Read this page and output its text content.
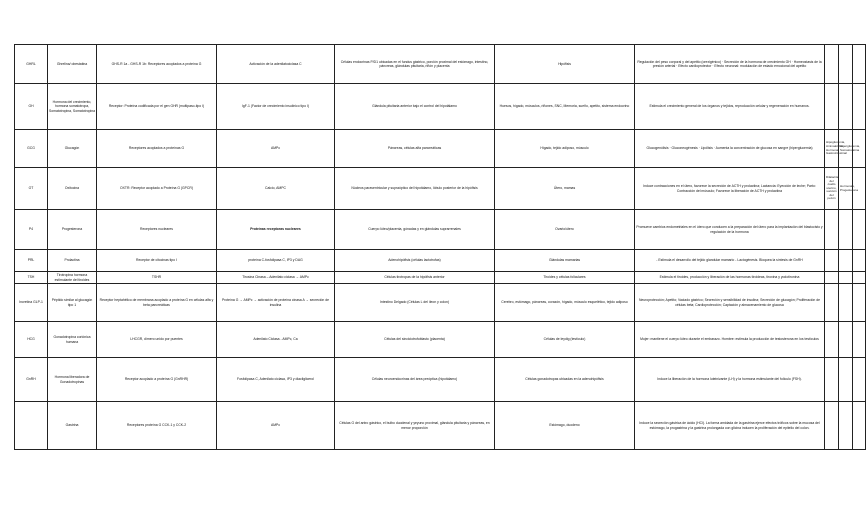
GHRL	Ghrelina/ obestatina	GHS-R 1a - GHS-R 1b: Receptores acoplados a proteína G	Activación de la adenilatociclasa C	Células endocrinas P/D1 ubicadas en el fundus gástrico, porción proximal del estómago, intestino, páncreas, glándulas pituitaria, riñón y placenta	Hipófisis	Regulación del peso corporal y del apetito (orexigénico) · Secreción de la hormona de crecimiento GH · Homeostasis de la presión arterial · Efecto cardioprotector · Efecto neuronal: modulación de estado emocional del apetito			
GH	Hormona del crecimiento, hormona somatotropa, Somatotropina, Somatotropina	Receptor: Proteína codificada por el gen GHR (multipaso-tipo I)	IgF-1 (Factor de crecimiento insulínico tipo I)	Glándula pituitaria anterior bajo el control del hipotálamo	Huesos, hígado, músculos, riñones, SNC, Memoria, sueño, apetito, sistema endocrino	Estimula el crecimiento general de los órganos y tejidos, reproducción celular y regeneración en humanos.			
GCG	Glucagón	Receptores acoplados a proteínas G	AMPc	Páncreas, células alfa pancreáticas	Hígado, tejido adiposo, músculo	Glucogenólisis · Gluconeogénesis · Lipólisis · Aumenta la concentración de glucosa en sangre (hiperglucemia)	Hipoglucemia, Aminoácidos, Hormona Gastrointestinal	Hiperglucemia, Somatostatina	
OT	Oxitocina	OXTR: Receptor acoplado a Proteína G (GPCR)	Calcio, AMPC	Núcleos paraventricular y supraóptico del hipotálamo, lóbulo posterior de la hipófisis	Útero, mamas	Induce contracciones en el útero, favorece la secreción de ACTH y prolactina; Lactancia: Eyección de leche; Parto: Contracción del músculo; Favorece la liberación de ACTH y prolactina	Dilatación del cuello uterino, succión del pezón	Hormonas, Progesterona	
P4	Progesterona	Receptores nucleares	Proteínas receptoras nucleares	Cuerpo lúteo/placenta, gónadas y en glándulas suprarrenales	Ovario/útero	Promueve cambios endometriales en el útero que conducen a la preparación del útero para la implantación del blastocisto y regulación de la hormona			
PRL	Prolactina	Receptor de citocinas tipo I	proteína C-fosfolipasa C, IP3 y DAG	Adenohipófisis (células lactotrofas)	Glándulas mamarias	- Estimula el desarrollo del tejido glandular mamario - Lactogénesis. Bloquea la síntesis de GnRH			
TSH	Tirotropina hormona estimulante del tiroides	TSHR	Tirosina Cinasa – Adenilato ciclasa → AMPc	Células tirotropas de la hipófisis anterior	Tiroides y células foliculares	Estimula el tiroides, producción y liberación de las hormonas tiroideas, tiroxina y yodotironina			
Incretina GLP-1	Péptido similar al glucagón tipo 1	Receptor heptahélico de membrana acoplado a proteína G en células alfa y beta pancreáticas	Proteína G → AMPc → activación de proteína cinasa A → secreción de insulina	Intestino Delgado (Células L del íleon y colon)	Cerebro, estómago, páncreas, corazón, hígado, músculo esquelético, tejido adiposo	Neuroprotección; Apetito; Vaciado gástrico; Secreción y sensibilidad de insulina; Secreción de glucagón; Proliferación de células beta; Cardioprotección; Captación y almacenamiento de glucosa			
HCG	Gonadotropina coriónica humana	LHCGR, dímero unido por puentes	Adenilato Ciclasa - AMPc, Ca	Células del sinciciotrofoblasto (placenta)	Células de leydig (testículo)	Mujer: mantiene el cuerpo lúteo durante el embarazo. Hombre: estimula la producción de testosterona en los testículos			
GnRH	Hormona liberadora de Gonadotropinas	Receptor acoplado a proteína G (GnRHR)	Fosfolipasa C, Adenilato ciclasa, IP3 y diacilglicerol	Células neuroendocrinas del área preóptica (hipotálamo)	Células gonadotropas ubicadas en la adenohipófisis	Induce la liberación de la hormona luteinizante (LH) y la hormona estimulante del folículo (FSH).			
	Gastrina	Receptores proteína G CCK-1 y CCK-2	AMPc	Células G del antro gástrico, el bulbo duodenal y yeyuno proximal, glándula pituitaria y páncreas, en menor proporción	Estómago, duodeno	Induce la secreción gástrica de ácido (HCl). La forma amidada de la gastrina ejerce efectos tróficos sobre la mucosa del estómago, la progastrina y la gastrina prolongada con glicina inducen la proliferación del epitelio del colon.			
